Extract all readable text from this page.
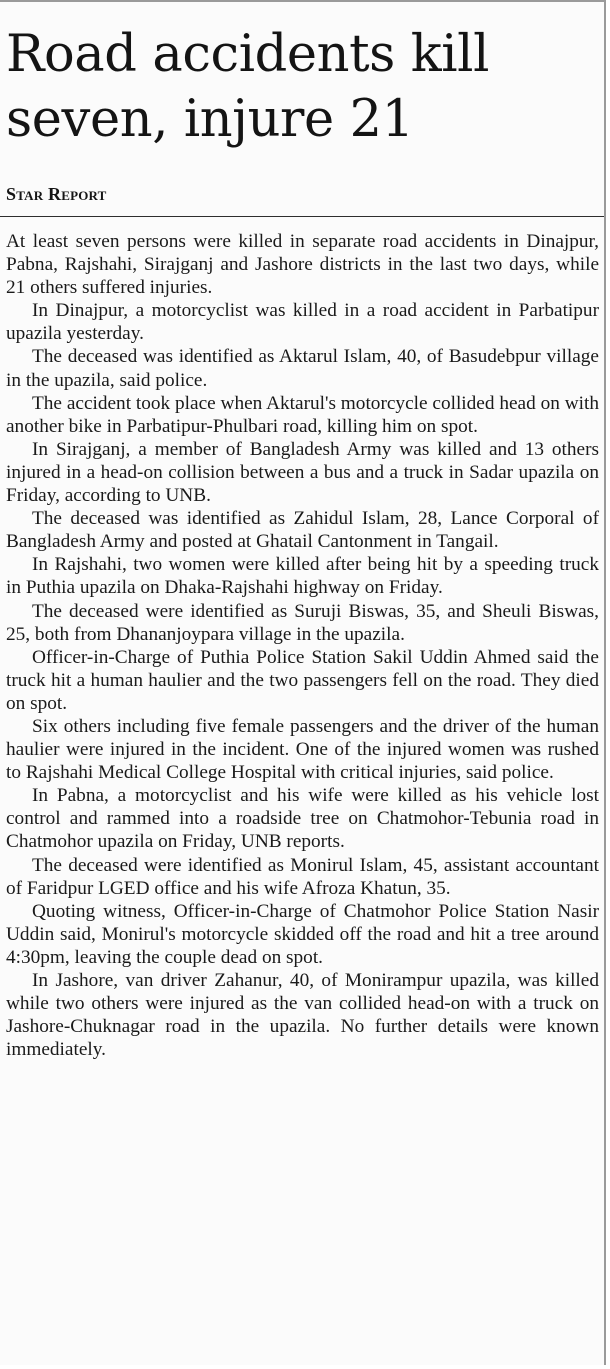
Road accidents kill
seven, injure 21
Star Report

At least seven persons were killed in separate road accidents in Dinajpur, Pabna, Rajshahi, Sirajganj and Jashore districts in the last two days, while 21 others suffered injuries.

In Dinajpur, a motorcyclist was killed in a road accident in Parbatipur upazila yesterday.

The deceased was identified as Aktarul Islam, 40, of Basudebpur village in the upazila, said police.

The accident took place when Aktarul's motorcycle collided head on with another bike in Parbatipur-Phulbari road, killing him on spot.

In Sirajganj, a member of Bangladesh Army was killed and 13 others injured in a head-on collision between a bus and a truck in Sadar upazila on Friday, according to UNB.

The deceased was identified as Zahidul Islam, 28, Lance Corporal of Bangladesh Army and posted at Ghatail Cantonment in Tangail.

In Rajshahi, two women were killed after being hit by a speeding truck in Puthia upazila on Dhaka-Rajshahi highway on Friday.

The deceased were identified as Suruji Biswas, 35, and Sheuli Biswas, 25, both from Dhananjoypara village in the upazila.

Officer-in-Charge of Puthia Police Station Sakil Uddin Ahmed said the truck hit a human haulier and the two passengers fell on the road. They died on spot.

Six others including five female passengers and the driver of the human haulier were injured in the incident. One of the injured women was rushed to Rajshahi Medical College Hospital with critical injuries, said police.

In Pabna, a motorcyclist and his wife were killed as his vehicle lost control and rammed into a roadside tree on Chatmohor-Tebunia road in Chatmohor upazila on Friday, UNB reports.

The deceased were identified as Monirul Islam, 45, assistant accountant of Faridpur LGED office and his wife Afroza Khatun, 35.

Quoting witness, Officer-in-Charge of Chatmohor Police Station Nasir Uddin said, Monirul's motorcycle skidded off the road and hit a tree around 4:30pm, leaving the couple dead on spot.

In Jashore, van driver Zahanur, 40, of Monirampur upazila, was killed while two others were injured as the van collided head-on with a truck on Jashore-Chuknagar road in the upazila. No further details were known immediately.
